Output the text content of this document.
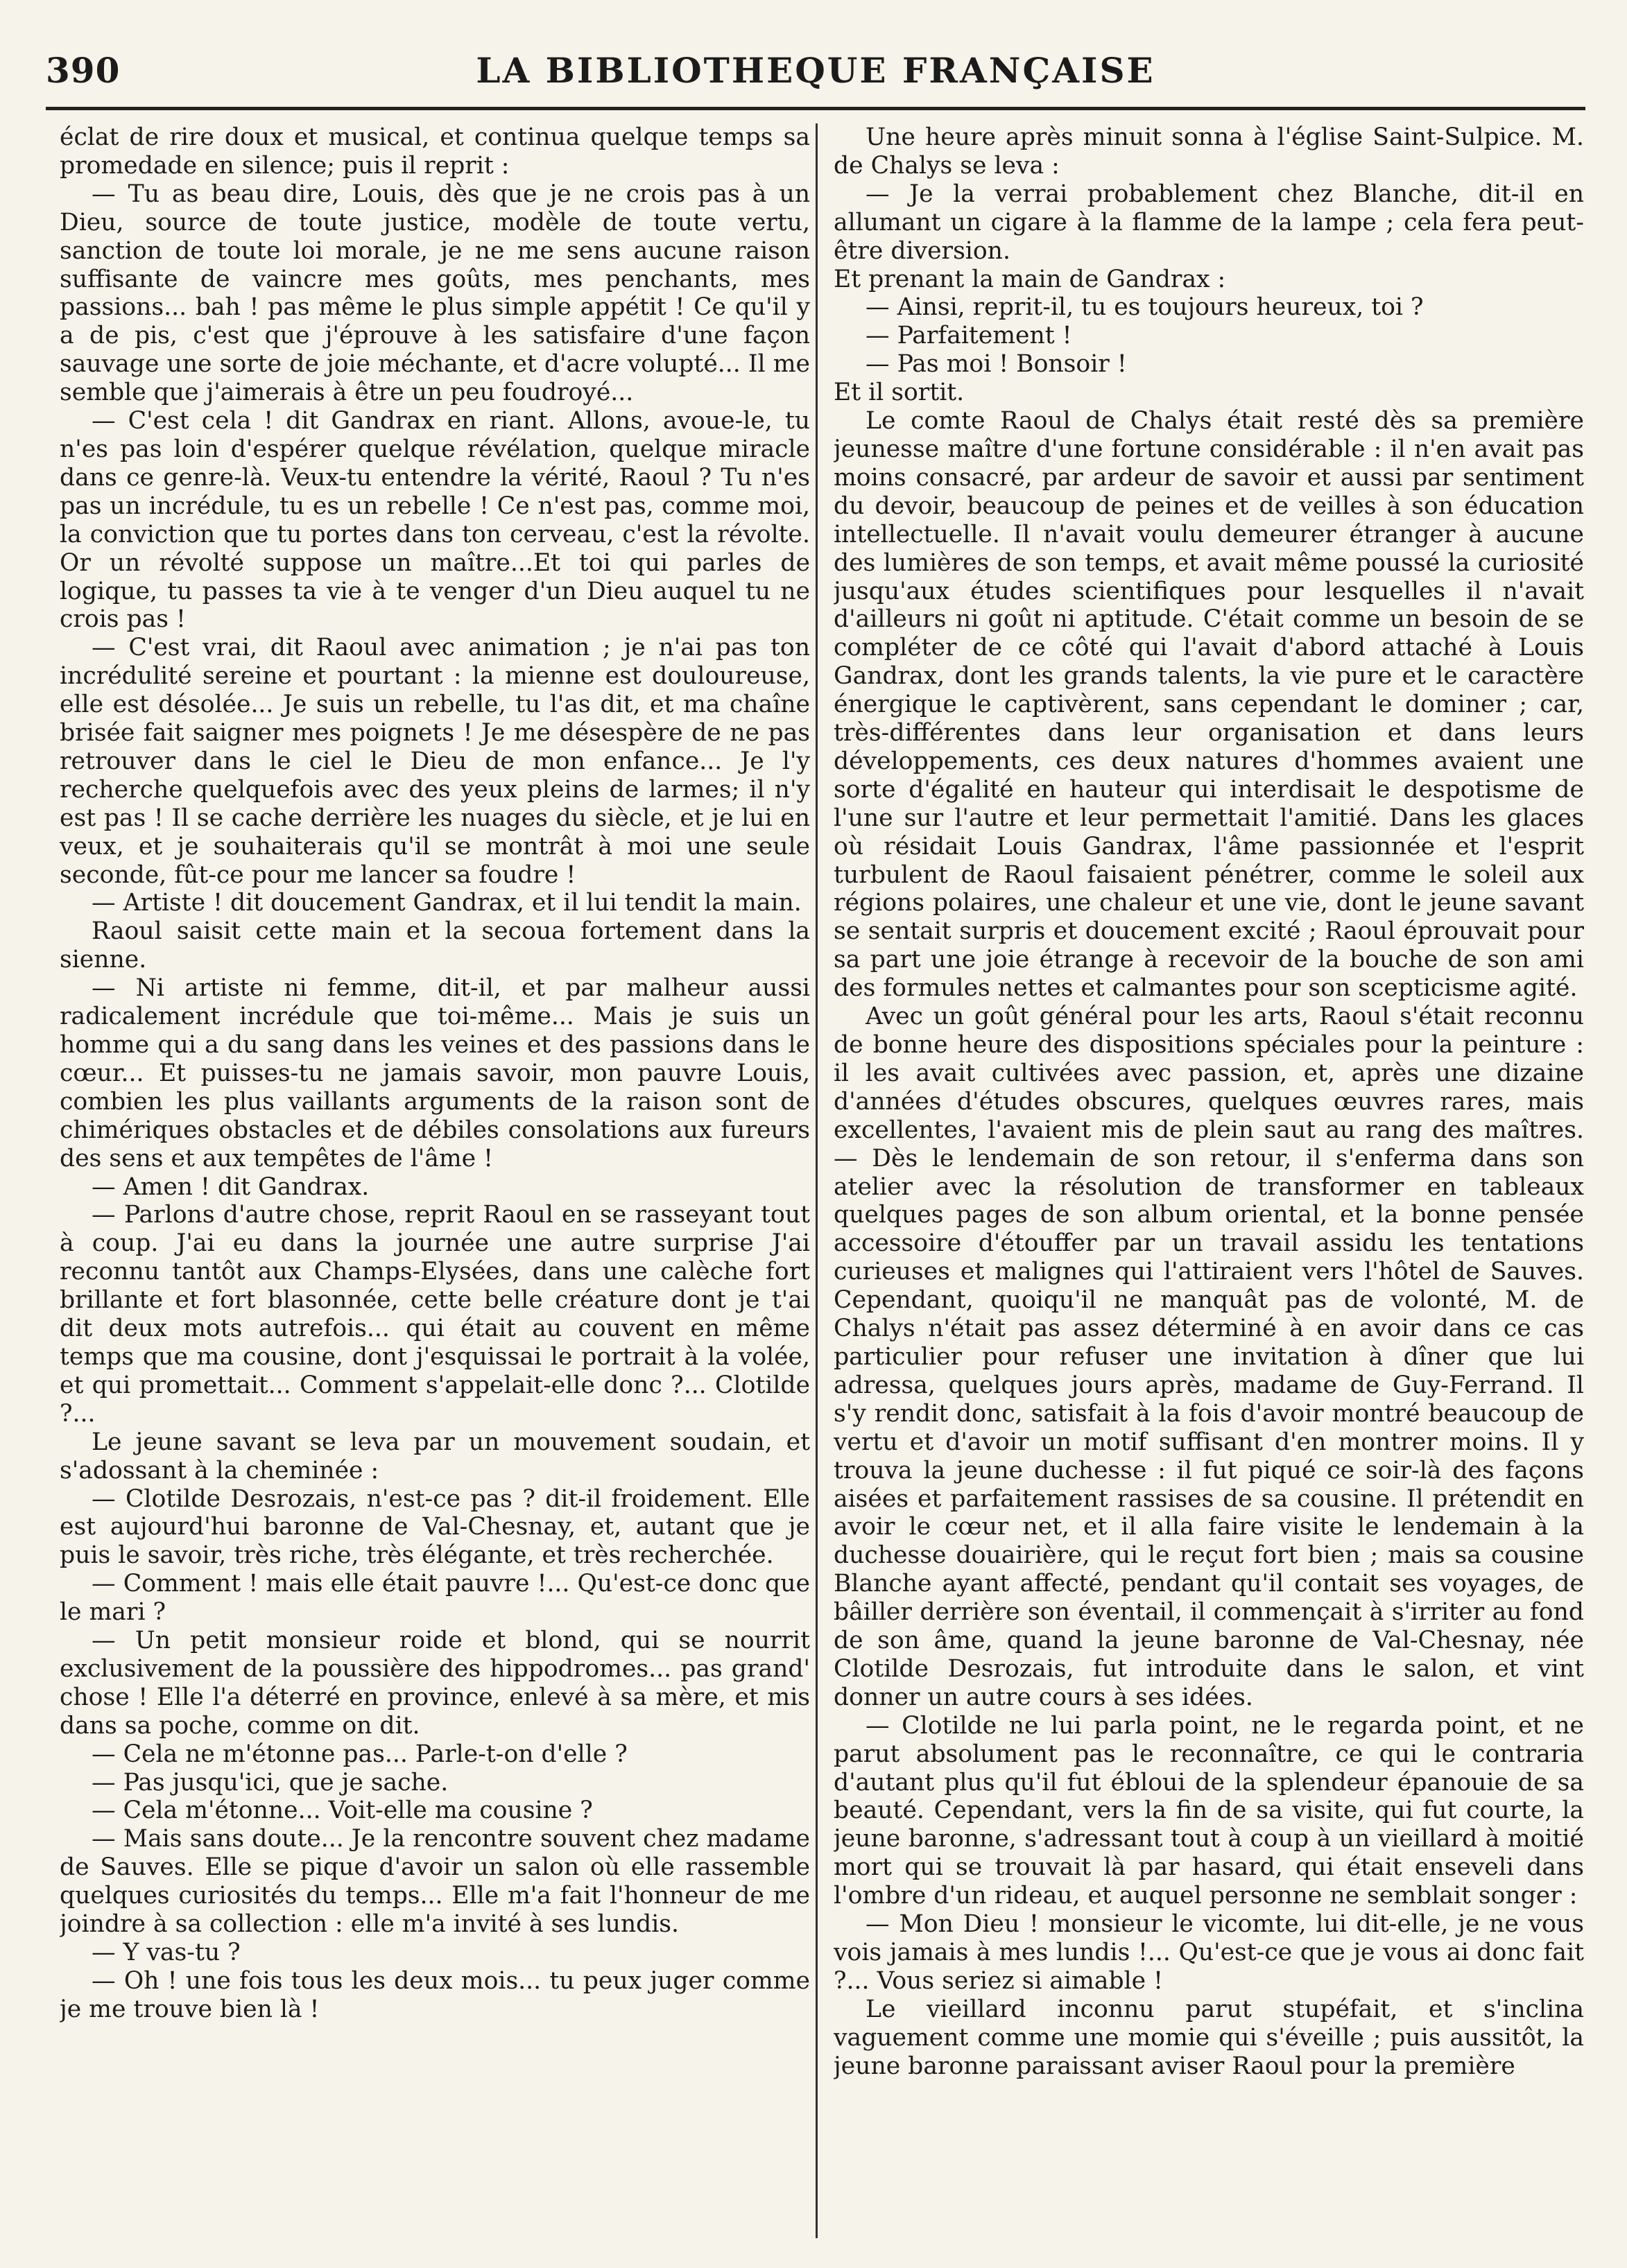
390	LA BIBLIOTHEQUE FRANÇAISE

éclat de rire doux et musical, et continua quelque temps sa promedade en silence; puis il reprit :

— Tu as beau dire, Louis, dès que je ne crois pas à un Dieu, source de toute justice, modèle de toute vertu, sanction de toute loi morale, je ne me sens aucune raison suffisante de vaincre mes goûts, mes penchants, mes passions... bah ! pas même le plus simple appétit ! Ce qu'il y a de pis, c'est que j'éprouve à les satisfaire d'une façon sauvage une sorte de joie méchante, et d'acre volupté... Il me semble que j'aimerais à être un peu foudroyé...

— C'est cela ! dit Gandrax en riant. Allons, avoue-le, tu n'es pas loin d'espérer quelque révélation, quelque miracle dans ce genre-là. Veux-tu entendre la vérité, Raoul ? Tu n'es pas un incrédule, tu es un rebelle ! Ce n'est pas, comme moi, la conviction que tu portes dans ton cerveau, c'est la révolte. Or un révolté suppose un maître...Et toi qui parles de logique, tu passes ta vie à te venger d'un Dieu auquel tu ne crois pas !

— C'est vrai, dit Raoul avec animation ; je n'ai pas ton incrédulité sereine et pourtant : la mienne est douloureuse, elle est désolée... Je suis un rebelle, tu l'as dit, et ma chaîne brisée fait saigner mes poignets ! Je me désespère de ne pas retrouver dans le ciel le Dieu de mon enfance... Je l'y recherche quelquefois avec des yeux pleins de larmes; il n'y est pas ! Il se cache derrière les nuages du siècle, et je lui en veux, et je souhaiterais qu'il se montrât à moi une seule seconde, fût-ce pour me lancer sa foudre !

— Artiste ! dit doucement Gandrax, et il lui tendit la main.

Raoul saisit cette main et la secoua fortement dans la sienne.

— Ni artiste ni femme, dit-il, et par malheur aussi radicalement incrédule que toi-même... Mais je suis un homme qui a du sang dans les veines et des passions dans le cœur... Et puisses-tu ne jamais savoir, mon pauvre Louis, combien les plus vaillants arguments de la raison sont de chimériques obstacles et de débiles consolations aux fureurs des sens et aux tempêtes de l'âme !

— Amen ! dit Gandrax.

— Parlons d'autre chose, reprit Raoul en se rasseyant tout à coup. J'ai eu dans la journée une autre surprise J'ai reconnu tantôt aux Champs-Elysées, dans une calèche fort brillante et fort blasonnée, cette belle créature dont je t'ai dit deux mots autrefois... qui était au couvent en même temps que ma cousine, dont j'esquissai le portrait à la volée, et qui promettait... Comment s'appelait-elle donc ?... Clotilde ?...

Le jeune savant se leva par un mouvement soudain, et s'adossant à la cheminée :

— Clotilde Desrozais, n'est-ce pas ? dit-il froidement. Elle est aujourd'hui baronne de Val-Chesnay, et, autant que je puis le savoir, très riche, très élégante, et très recherchée.

— Comment ! mais elle était pauvre !... Qu'est-ce donc que le mari ?

— Un petit monsieur roide et blond, qui se nourrit exclusivement de la poussière des hippodromes... pas grand' chose ! Elle l'a déterré en province, enlevé à sa mère, et mis dans sa poche, comme on dit.

— Cela ne m'étonne pas... Parle-t-on d'elle ?

— Pas jusqu'ici, que je sache.

— Cela m'étonne... Voit-elle ma cousine ?

— Mais sans doute... Je la rencontre souvent chez madame de Sauves. Elle se pique d'avoir un salon où elle rassemble quelques curiosités du temps... Elle m'a fait l'honneur de me joindre à sa collection : elle m'a invité à ses lundis.

— Y vas-tu ?

— Oh ! une fois tous les deux mois... tu peux juger comme je me trouve bien là !

Une heure après minuit sonna à l'église Saint-Sulpice. M. de Chalys se leva :

— Je la verrai probablement chez Blanche, dit-il en allumant un cigare à la flamme de la lampe ; cela fera peut-être diversion.

Et prenant la main de Gandrax :

— Ainsi, reprit-il, tu es toujours heureux, toi ?

— Parfaitement !

— Pas moi ! Bonsoir !

Et il sortit.

Le comte Raoul de Chalys était resté dès sa première jeunesse maître d'une fortune considérable : il n'en avait pas moins consacré, par ardeur de savoir et aussi par sentiment du devoir, beaucoup de peines et de veilles à son éducation intellectuelle. Il n'avait voulu demeurer étranger à aucune des lumières de son temps, et avait même poussé la curiosité jusqu'aux études scientifiques pour lesquelles il n'avait d'ailleurs ni goût ni aptitude. C'était comme un besoin de se compléter de ce côté qui l'avait d'abord attaché à Louis Gandrax, dont les grands talents, la vie pure et le caractère énergique le captivèrent, sans cependant le dominer ; car, très-différentes dans leur organisation et dans leurs développements, ces deux natures d'hommes avaient une sorte d'égalité en hauteur qui interdisait le despotisme de l'une sur l'autre et leur permettait l'amitié. Dans les glaces où résidait Louis Gandrax, l'âme passionnée et l'esprit turbulent de Raoul faisaient pénétrer, comme le soleil aux régions polaires, une chaleur et une vie, dont le jeune savant se sentait surpris et doucement excité ; Raoul éprouvait pour sa part une joie étrange à recevoir de la bouche de son ami des formules nettes et calmantes pour son scepticisme agité.

Avec un goût général pour les arts, Raoul s'était reconnu de bonne heure des dispositions spéciales pour la peinture : il les avait cultivées avec passion, et, après une dizaine d'années d'études obscures, quelques œuvres rares, mais excellentes, l'avaient mis de plein saut au rang des maîtres. — Dès le lendemain de son retour, il s'enferma dans son atelier avec la résolution de transformer en tableaux quelques pages de son album oriental, et la bonne pensée accessoire d'étouffer par un travail assidu les tentations curieuses et malignes qui l'attiraient vers l'hôtel de Sauves. Cependant, quoiqu'il ne manquât pas de volonté, M. de Chalys n'était pas assez déterminé à en avoir dans ce cas particulier pour refuser une invitation à dîner que lui adressa, quelques jours après, madame de Guy-Ferrand. Il s'y rendit donc, satisfait à la fois d'avoir montré beaucoup de vertu et d'avoir un motif suffisant d'en montrer moins. Il y trouva la jeune duchesse : il fut piqué ce soir-là des façons aisées et parfaitement rassises de sa cousine. Il prétendit en avoir le cœur net, et il alla faire visite le lendemain à la duchesse douairière, qui le reçut fort bien ; mais sa cousine Blanche ayant affecté, pendant qu'il contait ses voyages, de bâiller derrière son éventail, il commençait à s'irriter au fond de son âme, quand la jeune baronne de Val-Chesnay, née Clotilde Desrozais, fut introduite dans le salon, et vint donner un autre cours à ses idées.

— Clotilde ne lui parla point, ne le regarda point, et ne parut absolument pas le reconnaître, ce qui le contraria d'autant plus qu'il fut ébloui de la splendeur épanouie de sa beauté. Cependant, vers la fin de sa visite, qui fut courte, la jeune baronne, s'adressant tout à coup à un vieillard à moitié mort qui se trouvait là par hasard, qui était enseveli dans l'ombre d'un rideau, et auquel personne ne semblait songer :

— Mon Dieu ! monsieur le vicomte, lui dit-elle, je ne vous vois jamais à mes lundis !... Qu'est-ce que je vous ai donc fait ?... Vous seriez si aimable !

Le vieillard inconnu parut stupéfait, et s'inclina vaguement comme une momie qui s'éveille ; puis aussitôt, la jeune baronne paraissant aviser Raoul pour la première
